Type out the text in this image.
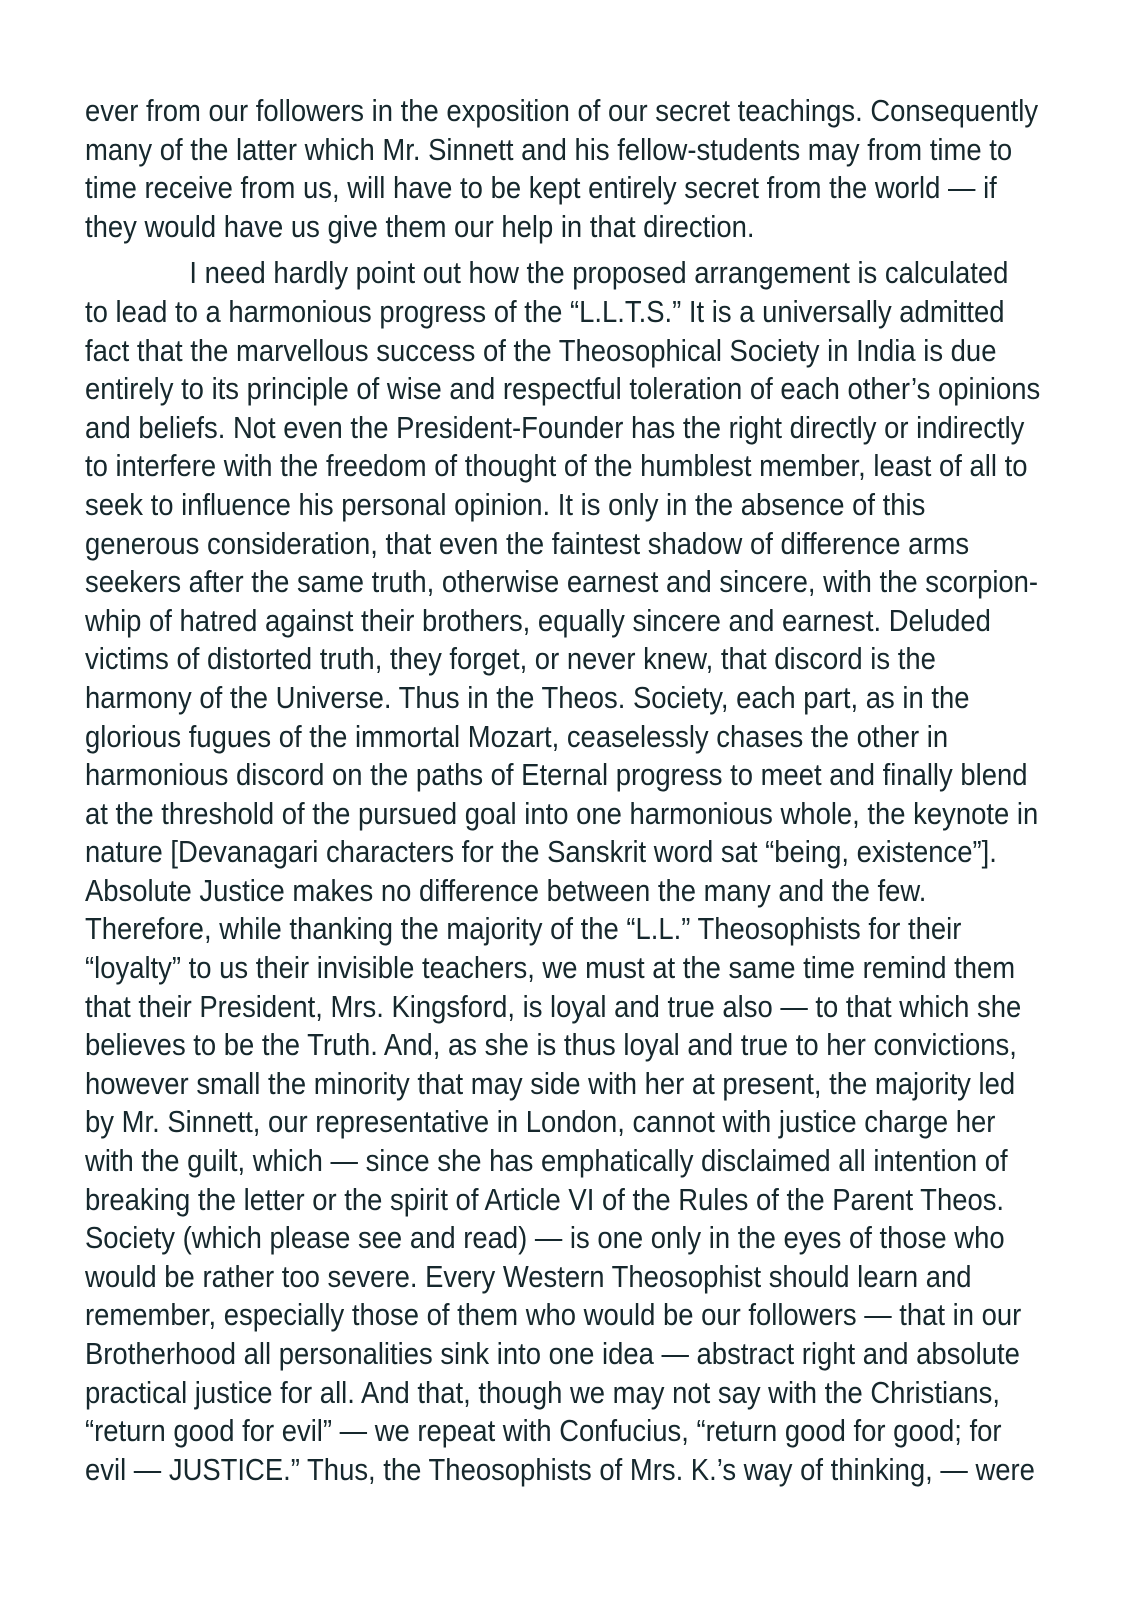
ever from our followers in the exposition of our secret teachings. Consequently
many of the latter which Mr. Sinnett and his fellow-students may from time to
time receive from us, will have to be kept entirely secret from the world — if
they would have us give them our help in that direction.
I need hardly point out how the proposed arrangement is calculated
to lead to a harmonious progress of the “L.L.T.S.” It is a universally admitted
fact that the marvellous success of the Theosophical Society in India is due
entirely to its principle of wise and respectful toleration of each other’s opinions
and beliefs. Not even the President-Founder has the right directly or indirectly
to interfere with the freedom of thought of the humblest member, least of all to
seek to influence his personal opinion. It is only in the absence of this
generous consideration, that even the faintest shadow of difference arms
seekers after the same truth, otherwise earnest and sincere, with the scorpion-
whip of hatred against their brothers, equally sincere and earnest. Deluded
victims of distorted truth, they forget, or never knew, that discord is the
harmony of the Universe. Thus in the Theos. Society, each part, as in the
glorious fugues of the immortal Mozart, ceaselessly chases the other in
harmonious discord on the paths of Eternal progress to meet and finally blend
at the threshold of the pursued goal into one harmonious whole, the keynote in
nature [Devanagari characters for the Sanskrit word sat “being, existence”].
Absolute Justice makes no difference between the many and the few.
Therefore, while thanking the majority of the “L.L.” Theosophists for their
“loyalty” to us their invisible teachers, we must at the same time remind them
that their President, Mrs. Kingsford, is loyal and true also — to that which she
believes to be the Truth. And, as she is thus loyal and true to her convictions,
however small the minority that may side with her at present, the majority led
by Mr. Sinnett, our representative in London, cannot with justice charge her
with the guilt, which — since she has emphatically disclaimed all intention of
breaking the letter or the spirit of Article VI of the Rules of the Parent Theos.
Society (which please see and read) — is one only in the eyes of those who
would be rather too severe. Every Western Theosophist should learn and
remember, especially those of them who would be our followers — that in our
Brotherhood all personalities sink into one idea — abstract right and absolute
practical justice for all. And that, though we may not say with the Christians,
“return good for evil” — we repeat with Confucius, “return good for good; for
evil — JUSTICE.” Thus, the Theosophists of Mrs. K.’s way of thinking, — were
